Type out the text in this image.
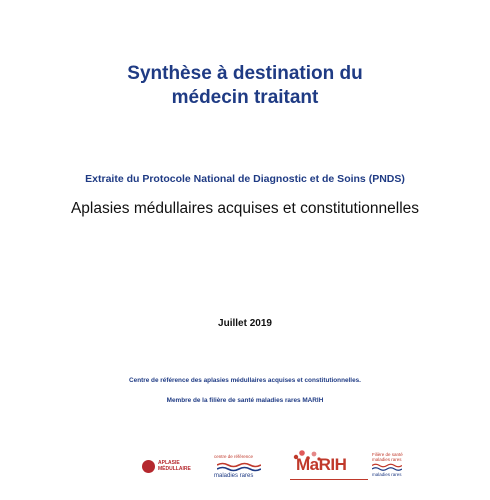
Synthèse à destination du
médecin traitant
Extraite du Protocole National de Diagnostic et de Soins (PNDS)
Aplasies médullaires acquises et constitutionnelles
Juillet 2019
Centre de référence des aplasies médullaires acquises et constitutionnelles.
Membre de la filière de santé maladies rares MARIH
APLASIE
MÉDULLAIRE
centre de référence
maladies rares
MaRIH
Filière de santé
maladies rares
maladies rares
